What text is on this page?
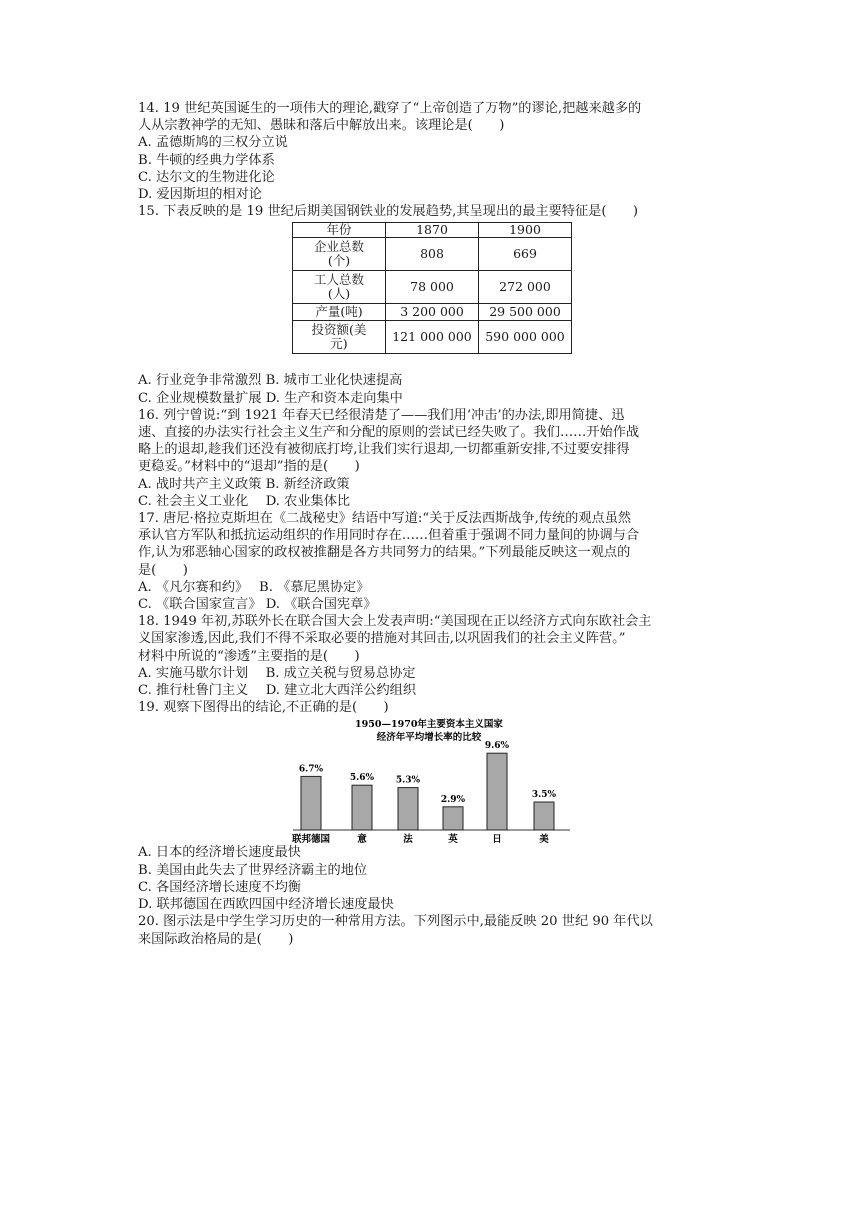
14. 19 世纪英国诞生的一项伟大的理论,戳穿了“上帝创造了万物”的谬论,把越来越多的
人从宗教神学的无知、愚昧和落后中解放出来。该理论是(　　)
A. 孟德斯鸠的三权分立说
B. 牛顿的经典力学体系
C. 达尔文的生物进化论
D. 爱因斯坦的相对论
15. 下表反映的是 19 世纪后期美国钢铁业的发展趋势,其呈现出的最主要特征是(　　)
年份	1870	1900
企业总数
(个)	808	669
工人总数
(人)	78 000	272 000
产量(吨)	3 200 000	29 500 000
投资额(美
元)	121 000 000	590 000 000
A. 行业竞争非常激烈 B. 城市工业化快速提高
C. 企业规模数量扩展 D. 生产和资本走向集中
16. 列宁曾说:“到 1921 年春天已经很清楚了——我们用‘冲击’的办法,即用简捷、迅
速、直接的办法实行社会主义生产和分配的原则的尝试已经失败了。我们……开始作战
略上的退却,趁我们还没有被彻底打垮,让我们实行退却,一切都重新安排,不过要安排得
更稳妥。”材料中的“退却”指的是(　　)
A. 战时共产主义政策 B. 新经济政策
C. 社会主义工业化　 D. 农业集体比
17. 唐尼·格拉克斯坦在《二战秘史》结语中写道:“关于反法西斯战争,传统的观点虽然
承认官方军队和抵抗运动组织的作用同时存在……但着重于强调不同力量间的协调与合
作,认为邪恶轴心国家的政权被推翻是各方共同努力的结果。”下列最能反映这一观点的
是(　　)
A. 《凡尔赛和约》　 B. 《慕尼黑协定》
C. 《联合国家宣言》 D. 《联合国宪章》
18. 1949 年初,苏联外长在联合国大会上发表声明:“美国现在正以经济方式向东欧社会主
义国家渗透,因此,我们不得不采取必要的措施对其回击,以巩固我们的社会主义阵营。”
材料中所说的“渗透”主要指的是(　　)
A. 实施马歇尔计划　 B. 成立关税与贸易总协定
C. 推行杜鲁门主义　 D. 建立北大西洋公约组织
19. 观察下图得出的结论,不正确的是(　　)
1950—1970年主要资本主义国家
经济年平均增长率的比较
6.7%
联邦德国
5.6%
意
5.3%
法
2.9%
英
9.6%
日
3.5%
美
A. 日本的经济增长速度最快
B. 美国由此失去了世界经济霸主的地位
C. 各国经济增长速度不均衡
D. 联邦德国在西欧四国中经济增长速度最快
20. 图示法是中学生学习历史的一种常用方法。下列图示中,最能反映 20 世纪 90 年代以
来国际政治格局的是(　　)
